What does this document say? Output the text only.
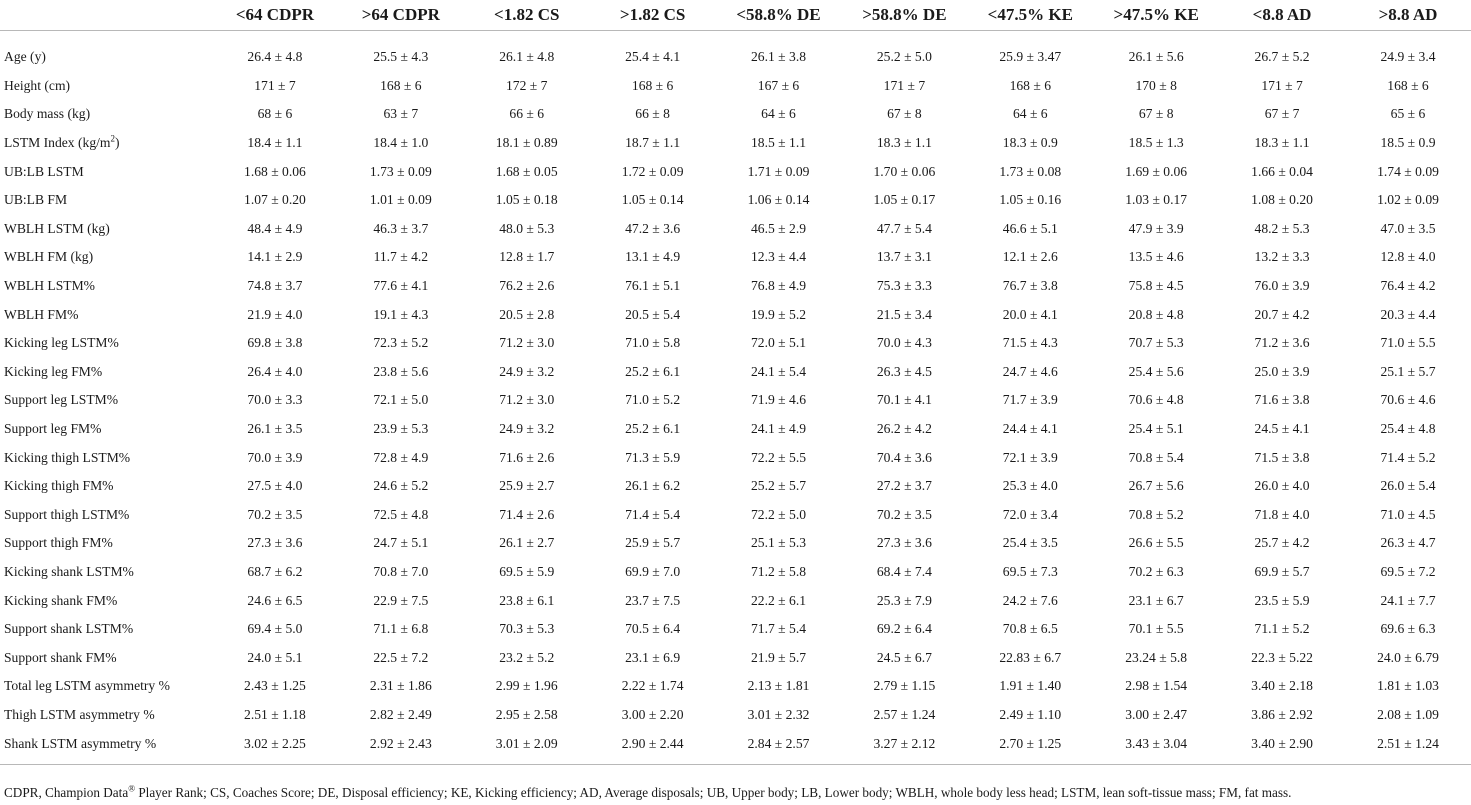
	<64 CDPR	>64 CDPR	<1.82 CS	>1.82 CS	<58.8% DE	>58.8% DE	<47.5% KE	>47.5% KE	<8.8 AD	>8.8 AD

Age (y)	26.4 ± 4.8	25.5 ± 4.3	26.1 ± 4.8	25.4 ± 4.1	26.1 ± 3.8	25.2 ± 5.0	25.9 ± 3.47	26.1 ± 5.6	26.7 ± 5.2	24.9 ± 3.4
Height (cm)	171 ± 7	168 ± 6	172 ± 7	168 ± 6	167 ± 6	171 ± 7	168 ± 6	170 ± 8	171 ± 7	168 ± 6
Body mass (kg)	68 ± 6	63 ± 7	66 ± 6	66 ± 8	64 ± 6	67 ± 8	64 ± 6	67 ± 8	67 ± 7	65 ± 6
LSTM Index $(kg/m^2)$	18.4 ± 1.1	18.4 ± 1.0	18.1 ± 0.89	18.7 ± 1.1	18.5 ± 1.1	18.3 ± 1.1	18.3 ± 0.9	18.5 ± 1.3	18.3 ± 1.1	18.5 ± 0.9
UB:LB LSTM	1.68 ± 0.06	1.73 ± 0.09	1.68 ± 0.05	1.72 ± 0.09	1.71 ± 0.09	1.70 ± 0.06	1.73 ± 0.08	1.69 ± 0.06	1.66 ± 0.04	1.74 ± 0.09
UB:LB FM	1.07 ± 0.20	1.01 ± 0.09	1.05 ± 0.18	1.05 ± 0.14	1.06 ± 0.14	1.05 ± 0.17	1.05 ± 0.16	1.03 ± 0.17	1.08 ± 0.20	1.02 ± 0.09
WBLH LSTM (kg)	48.4 ± 4.9	46.3 ± 3.7	48.0 ± 5.3	47.2 ± 3.6	46.5 ± 2.9	47.7 ± 5.4	46.6 ± 5.1	47.9 ± 3.9	48.2 ± 5.3	47.0 ± 3.5
WBLH FM (kg)	14.1 ± 2.9	11.7 ± 4.2	12.8 ± 1.7	13.1 ± 4.9	12.3 ± 4.4	13.7 ± 3.1	12.1 ± 2.6	13.5 ± 4.6	13.2 ± 3.3	12.8 ± 4.0
WBLH LSTM%	74.8 ± 3.7	77.6 ± 4.1	76.2 ± 2.6	76.1 ± 5.1	76.8 ± 4.9	75.3 ± 3.3	76.7 ± 3.8	75.8 ± 4.5	76.0 ± 3.9	76.4 ± 4.2
WBLH FM%	21.9 ± 4.0	19.1 ± 4.3	20.5 ± 2.8	20.5 ± 5.4	19.9 ± 5.2	21.5 ± 3.4	20.0 ± 4.1	20.8 ± 4.8	20.7 ± 4.2	20.3 ± 4.4
Kicking leg LSTM%	69.8 ± 3.8	72.3 ± 5.2	71.2 ± 3.0	71.0 ± 5.8	72.0 ± 5.1	70.0 ± 4.3	71.5 ± 4.3	70.7 ± 5.3	71.2 ± 3.6	71.0 ± 5.5
Kicking leg FM%	26.4 ± 4.0	23.8 ± 5.6	24.9 ± 3.2	25.2 ± 6.1	24.1 ± 5.4	26.3 ± 4.5	24.7 ± 4.6	25.4 ± 5.6	25.0 ± 3.9	25.1 ± 5.7
Support leg LSTM%	70.0 ± 3.3	72.1 ± 5.0	71.2 ± 3.0	71.0 ± 5.2	71.9 ± 4.6	70.1 ± 4.1	71.7 ± 3.9	70.6 ± 4.8	71.6 ± 3.8	70.6 ± 4.6
Support leg FM%	26.1 ± 3.5	23.9 ± 5.3	24.9 ± 3.2	25.2 ± 6.1	24.1 ± 4.9	26.2 ± 4.2	24.4 ± 4.1	25.4 ± 5.1	24.5 ± 4.1	25.4 ± 4.8
Kicking thigh LSTM%	70.0 ± 3.9	72.8 ± 4.9	71.6 ± 2.6	71.3 ± 5.9	72.2 ± 5.5	70.4 ± 3.6	72.1 ± 3.9	70.8 ± 5.4	71.5 ± 3.8	71.4 ± 5.2
Kicking thigh FM%	27.5 ± 4.0	24.6 ± 5.2	25.9 ± 2.7	26.1 ± 6.2	25.2 ± 5.7	27.2 ± 3.7	25.3 ± 4.0	26.7 ± 5.6	26.0 ± 4.0	26.0 ± 5.4
Support thigh LSTM%	70.2 ± 3.5	72.5 ± 4.8	71.4 ± 2.6	71.4 ± 5.4	72.2 ± 5.0	70.2 ± 3.5	72.0 ± 3.4	70.8 ± 5.2	71.8 ± 4.0	71.0 ± 4.5
Support thigh FM%	27.3 ± 3.6	24.7 ± 5.1	26.1 ± 2.7	25.9 ± 5.7	25.1 ± 5.3	27.3 ± 3.6	25.4 ± 3.5	26.6 ± 5.5	25.7 ± 4.2	26.3 ± 4.7
Kicking shank LSTM%	68.7 ± 6.2	70.8 ± 7.0	69.5 ± 5.9	69.9 ± 7.0	71.2 ± 5.8	68.4 ± 7.4	69.5 ± 7.3	70.2 ± 6.3	69.9 ± 5.7	69.5 ± 7.2
Kicking shank FM%	24.6 ± 6.5	22.9 ± 7.5	23.8 ± 6.1	23.7 ± 7.5	22.2 ± 6.1	25.3 ± 7.9	24.2 ± 7.6	23.1 ± 6.7	23.5 ± 5.9	24.1 ± 7.7
Support shank LSTM%	69.4 ± 5.0	71.1 ± 6.8	70.3 ± 5.3	70.5 ± 6.4	71.7 ± 5.4	69.2 ± 6.4	70.8 ± 6.5	70.1 ± 5.5	71.1 ± 5.2	69.6 ± 6.3
Support shank FM%	24.0 ± 5.1	22.5 ± 7.2	23.2 ± 5.2	23.1 ± 6.9	21.9 ± 5.7	24.5 ± 6.7	22.83 ± 6.7	23.24 ± 5.8	22.3 ± 5.22	24.0 ± 6.79
Total leg LSTM asymmetry %	2.43 ± 1.25	2.31 ± 1.86	2.99 ± 1.96	2.22 ± 1.74	2.13 ± 1.81	2.79 ± 1.15	1.91 ± 1.40	2.98 ± 1.54	3.40 ± 2.18	1.81 ± 1.03
Thigh LSTM asymmetry %	2.51 ± 1.18	2.82 ± 2.49	2.95 ± 2.58	3.00 ± 2.20	3.01 ± 2.32	2.57 ± 1.24	2.49 ± 1.10	3.00 ± 2.47	3.86 ± 2.92	2.08 ± 1.09
Shank LSTM asymmetry %	3.02 ± 2.25	2.92 ± 2.43	3.01 ± 2.09	2.90 ± 2.44	2.84 ± 2.57	3.27 ± 2.12	2.70 ± 1.25	3.43 ± 3.04	3.40 ± 2.90	2.51 ± 1.24
CDPR, Champion Data® Player Rank; CS, Coaches Score; DE, Disposal efficiency; KE, Kicking efficiency; AD, Average disposals; UB, Upper body; LB, Lower body; WBLH, whole body less head; LSTM, lean soft-tissue mass; FM, fat mass.
